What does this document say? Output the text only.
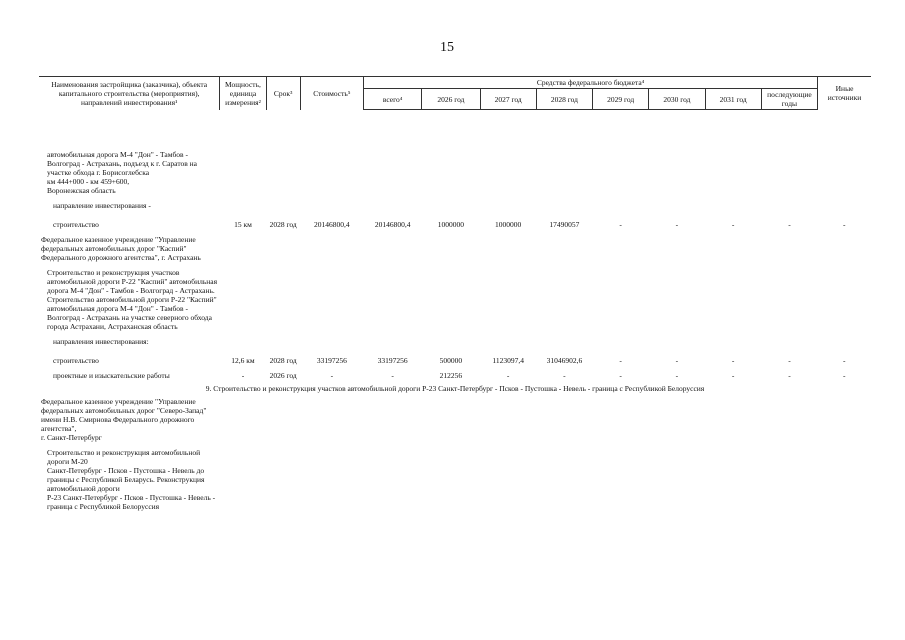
15
Наименования застройщика (заказчика), объекта капитального строительства (мероприятия), направлений инвестирования¹	Мощность, единица измерения²	Срок³	Стоимость⁵	Средства федерального бюджета⁴								Иные источники
				всего⁴	2026 год	2027 год	2028 год	2029 год	2030 год	2031 год	последующие годы	
автомобильная дорога М-4 "Дон" - Тамбов - Волгоград - Астрахань, подъезд к г. Саратов на участке обхода г. Борисоглебска
км 444+000 - км 459+600,
Воронежская область												
направление инвестирования -												
строительство	15 км	2028 год	20146800,4	20146800,4	1000000	1000000	17490057	-	-	-	-	-
Федеральное казенное учреждение "Управление федеральных автомобильных дорог "Каспий" Федерального дорожного агентства", г. Астрахань												
Строительство и реконструкция участков автомобильной дороги Р-22 "Каспий" автомобильная дорога М-4 "Дон" - Тамбов - Волгоград - Астрахань. Строительство автомобильной дороги Р-22 "Каспий" автомобильная дорога М-4 "Дон" - Тамбов - Волгоград - Астрахань на участке северного обхода города Астрахани, Астраханская область												
направления инвестирования:												
строительство	12,6 км	2028 год	33197256	33197256	500000	1123097,4	31046902,6	-	-	-	-	-
проектные и изыскательские работы	-	2026 год	-	-	212256	-	-	-	-	-	-	-
9. Строительство и реконструкция участков автомобильной дороги Р-23 Санкт-Петербург - Псков - Пустошка - Невель - граница с Республикой Белоруссия												
Федеральное казенное учреждение "Управление федеральных автомобильных дорог "Северо-Запад" имени Н.В. Смирнова Федерального дорожного агентства",
г. Санкт-Петербург												
Строительство и реконструкция автомобильной дороги М-20
Санкт-Петербург - Псков - Пустошка - Невель до границы с Республикой Беларусь. Реконструкция автомобильной дороги
Р-23 Санкт-Петербург - Псков - Пустошка - Невель - граница с Республикой Белоруссия												
